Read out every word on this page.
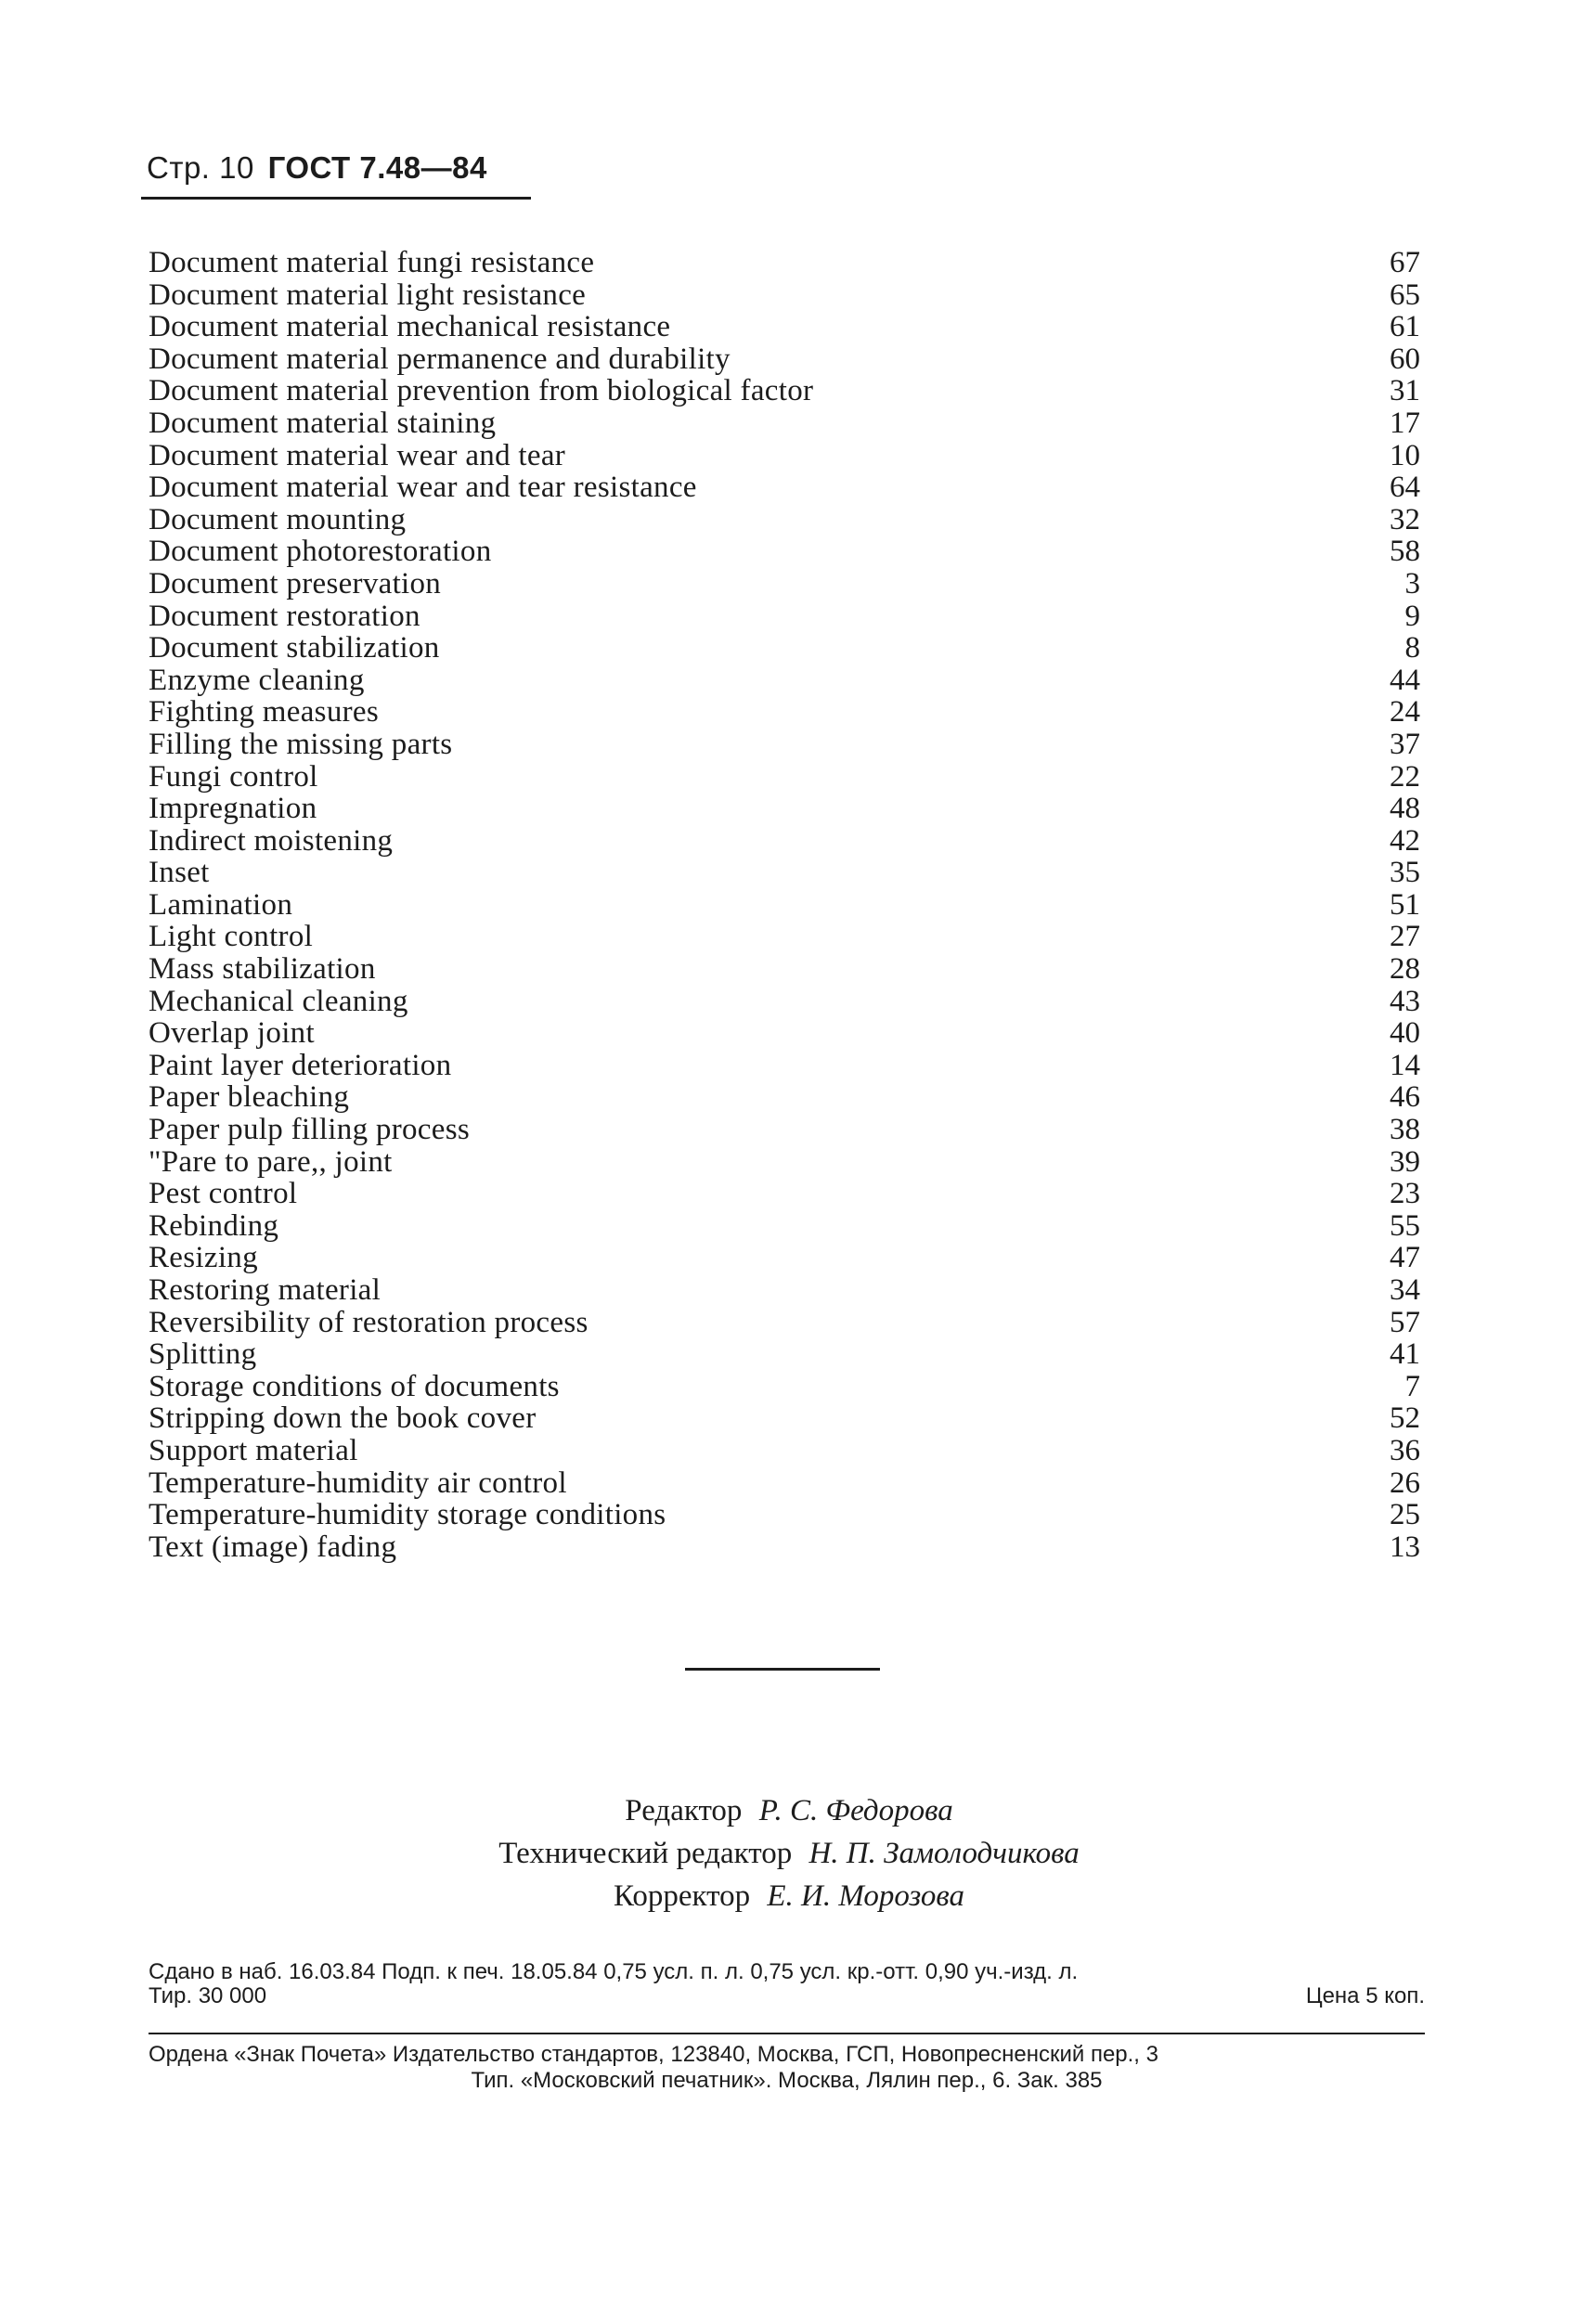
Стр. 10 ГОСТ 7.48—84
Document material fungi resistance	67
Document material light resistance	65
Document material mechanical resistance	61
Document material permanence and durability	60
Document material prevention from biological factor	31
Document material staining	17
Document material wear and tear	10
Document material wear and tear resistance	64
Document mounting	32
Document photorestoration	58
Document preservation	3
Document restoration	9
Document stabilization	8
Enzyme cleaning	44
Fighting measures	24
Filling the missing parts	37
Fungi control	22
Impregnation	48
Indirect moistening	42
Inset	35
Lamination	51
Light control	27
Mass stabilization	28
Mechanical cleaning	43
Overlap joint	40
Paint layer deterioration	14
Paper bleaching	46
Paper pulp filling process	38
"Pare to pare,, joint	39
Pest control	23
Rebinding	55
Resizing	47
Restoring material	34
Reversibility of restoration process	57
Splitting	41
Storage conditions of documents	7
Stripping down the book cover	52
Support material	36
Temperature-humidity air control	26
Temperature-humidity storage conditions	25
Text (image) fading	13
Редактор Р. С. Федорова
Технический редактор Н. П. Замолодчикова
Корректор Е. И. Морозова
Сдано в наб. 16.03.84 Подп. к печ. 18.05.84 0,75 усл. п. л. 0,75 усл. кр.-отт. 0,90 уч.-изд. л.
Тир. 30 000	Цена 5 коп.
Ордена «Знак Почета» Издательство стандартов, 123840, Москва, ГСП, Новопресненский пер., 3
Тип. «Московский печатник». Москва, Лялин пер., 6. Зак. 385
